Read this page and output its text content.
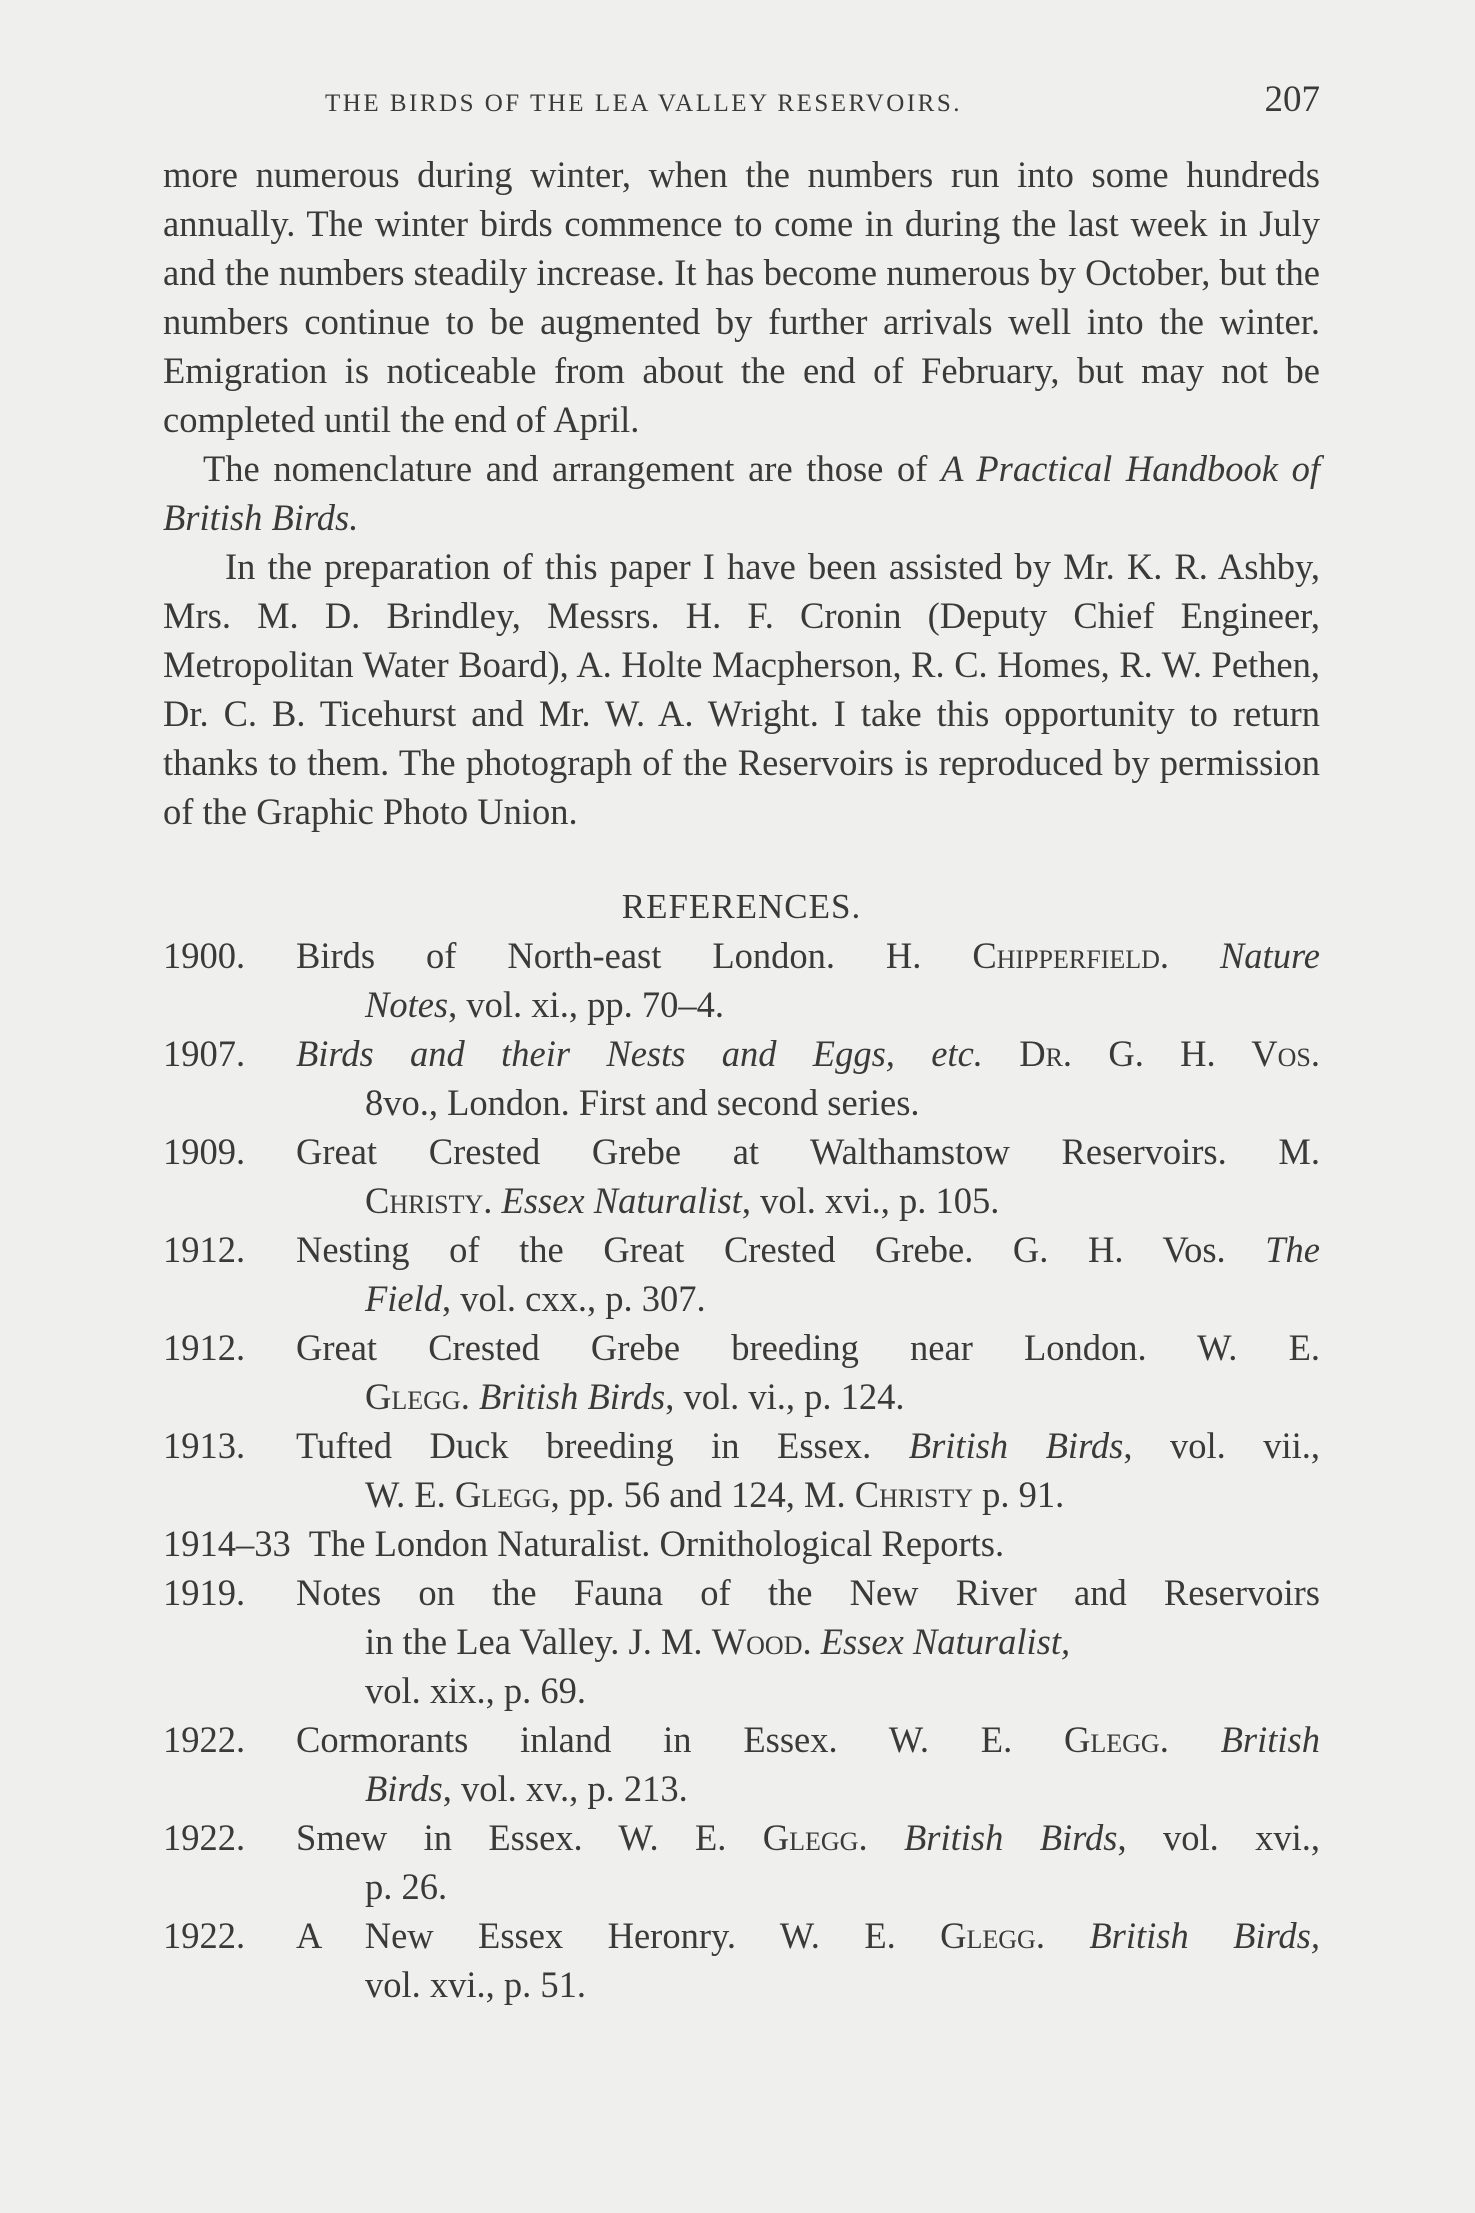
THE BIRDS OF THE LEA VALLEY RESERVOIRS.	207

more numerous during winter, when the numbers run into some hundreds annually. The winter birds commence to come in during the last week in July and the numbers steadily increase. It has become numerous by October, but the numbers continue to be augmented by further arrivals well into the winter. Emigration is noticeable from about the end of February, but may not be completed until the end of April.

The nomenclature and arrangement are those of A Practical Handbook of British Birds.

In the preparation of this paper I have been assisted by Mr. K. R. Ashby, Mrs. M. D. Brindley, Messrs. H. F. Cronin (Deputy Chief Engineer, Metropolitan Water Board), A. Holte Macpherson, R. C. Homes, R. W. Pethen, Dr. C. B. Ticehurst and Mr. W. A. Wright. I take this opportunity to return thanks to them. The photograph of the Reservoirs is reproduced by permission of the Graphic Photo Union.

REFERENCES.
1900. Birds of North-east London. H. Chipperfield. Nature
Notes, vol. xi., pp. 70–4.
1907. Birds and their Nests and Eggs, etc. Dr. G. H. Vos.
8vo., London. First and second series.
1909. Great Crested Grebe at Walthamstow Reservoirs. M.
Christy. Essex Naturalist, vol. xvi., p. 105.
1912. Nesting of the Great Crested Grebe. G. H. Vos. The
Field, vol. cxx., p. 307.
1912. Great Crested Grebe breeding near London. W. E.
Glegg. British Birds, vol. vi., p. 124.
1913. Tufted Duck breeding in Essex. British Birds, vol. vii.,
W. E. Glegg, pp. 56 and 124, M. Christy p. 91.
1914–33 The London Naturalist. Ornithological Reports.
1919. Notes on the Fauna of the New River and Reservoirs
in the Lea Valley. J. M. Wood. Essex Naturalist,
vol. xix., p. 69.
1922. Cormorants inland in Essex. W. E. Glegg. British
Birds, vol. xv., p. 213.
1922. Smew in Essex. W. E. Glegg. British Birds, vol. xvi.,
p. 26.
1922. A New Essex Heronry. W. E. Glegg. British Birds,
vol. xvi., p. 51.
